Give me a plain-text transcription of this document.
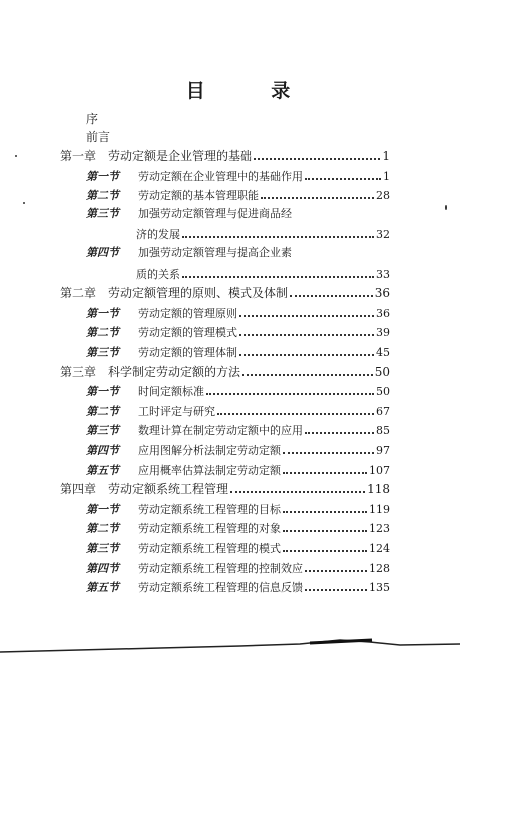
目 录
序
前言
第一章　劳动定额是企业管理的基础	1
第一节 劳动定额在企业管理中的基础作用	1
第二节 劳动定额的基本管理职能	28
第三节 加强劳动定额管理与促进商品经
济的发展	32
第四节 加强劳动定额管理与提高企业素
质的关系	33
第二章　劳动定额管理的原则、模式及体制	36
第一节 劳动定额的管理原则	36
第二节 劳动定额的管理模式	39
第三节 劳动定额的管理体制	45
第三章　科学制定劳动定额的方法	50
第一节 时间定额标准	50
第二节 工时评定与研究	67
第三节 数理计算在制定劳动定额中的应用	85
第四节 应用图解分析法制定劳动定额	97
第五节 应用概率估算法制定劳动定额	107
第四章　劳动定额系统工程管理	118
第一节 劳动定额系统工程管理的目标	119
第二节 劳动定额系统工程管理的对象	123
第三节 劳动定额系统工程管理的模式	124
第四节 劳动定额系统工程管理的控制效应	128
第五节 劳动定额系统工程管理的信息反馈	135
